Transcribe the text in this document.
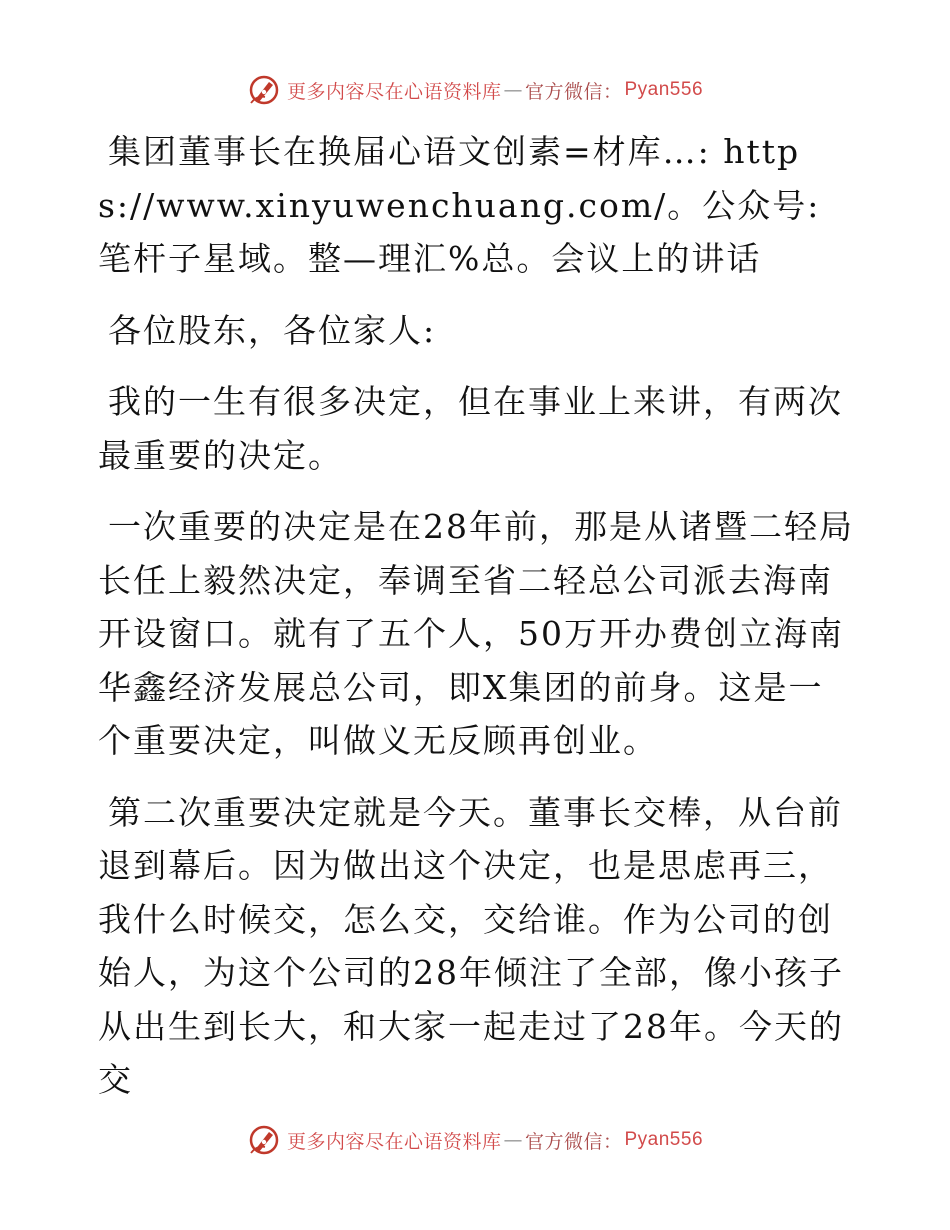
更多内容尽在心语资料库 — 官方微信： Pyan556

集团董事长在换届心语文创素=材库…: https://www.xinyuwenchuang.com/。公众号: 笔杆子星域。整—理汇%总。会议上的讲话

各位股东，各位家人:

我的一生有很多决定，但在事业上来讲，有两次最重要的决定。

一次重要的决定是在28年前，那是从诸暨二轻局长任上毅然决定，奉调至省二轻总公司派去海南开设窗口。就有了五个人，50万开办费创立海南华鑫经济发展总公司，即X集团的前身。这是一个重要决定，叫做义无反顾再创业。

第二次重要决定就是今天。董事长交棒，从台前退到幕后。因为做出这个决定，也是思虑再三，我什么时候交，怎么交，交给谁。作为公司的创始人，为这个公司的28年倾注了全部，像小孩子从出生到长大，和大家一起走过了28年。今天的交

更多内容尽在心语资料库 — 官方微信： Pyan556
